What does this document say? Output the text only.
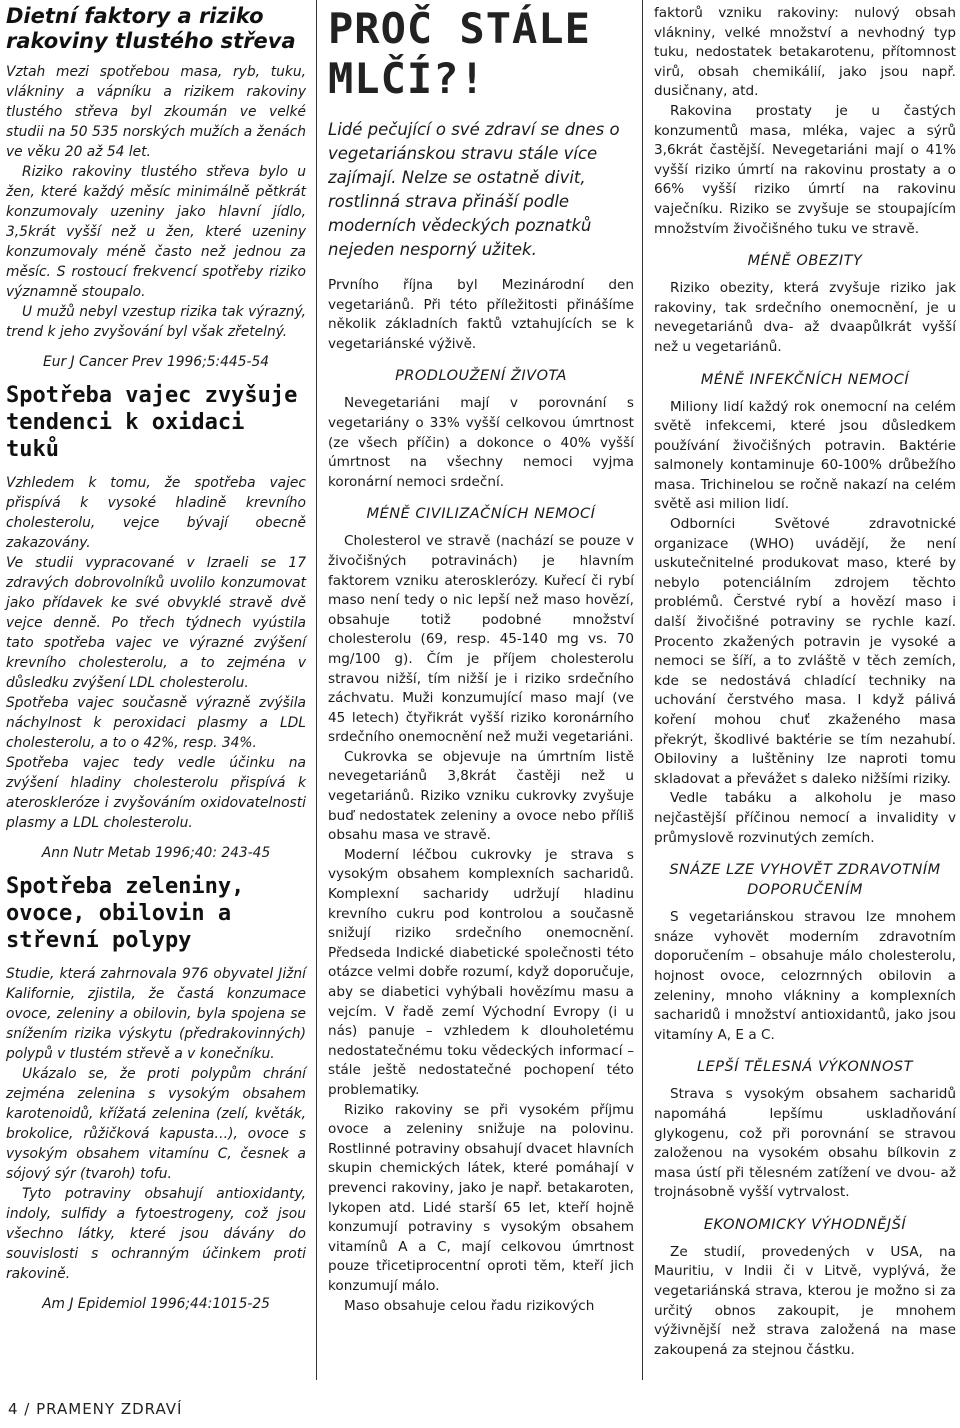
Dietní faktory a riziko rakoviny tlustého střeva

Vztah mezi spotřebou masa, ryb, tuku, vlákniny a vápníku a rizikem rakoviny tlustého střeva byl zkoumán ve velké studii na 50 535 norských mužích a ženách ve věku 20 až 54 let.

Riziko rakoviny tlustého střeva bylo u žen, které každý měsíc minimálně pětkrát konzumovaly uzeniny jako hlavní jídlo, 3,5krát vyšší než u žen, které uzeniny konzumovaly méně často než jednou za měsíc. S rostoucí frekvencí spotřeby riziko významně stoupalo.

U mužů nebyl vzestup rizika tak výrazný, trend k jeho zvyšování byl však zřetelný.

Eur J Cancer Prev 1996;5:445-54

Spotřeba vajec zvyšuje tendenci k oxidaci tuků

Vzhledem k tomu, že spotřeba vajec přispívá k vysoké hladině krevního cholesterolu, vejce bývají obecně zakazovány.

Ve studii vypracované v Izraeli se 17 zdravých dobrovolníků uvolilo konzumovat jako přídavek ke své obvyklé stravě dvě vejce denně. Po třech týdnech vyústila tato spotřeba vajec ve výrazné zvýšení krevního cholesterolu, a to zejména v důsledku zvýšení LDL cholesterolu.

Spotřeba vajec současně výrazně zvýšila náchylnost k peroxidaci plasmy a LDL cholesterolu, a to o 42%, resp. 34%.

Spotřeba vajec tedy vedle účinku na zvýšení hladiny cholesterolu přispívá k ateroskleróze i zvyšováním oxidovatelnosti plasmy a LDL cholesterolu.

Ann Nutr Metab 1996;40: 243-45

Spotřeba zeleniny, ovoce, obilovin a střevní polypy

Studie, která zahrnovala 976 obyvatel Jižní Kalifornie, zjistila, že častá konzumace ovoce, zeleniny a obilovin, byla spojena se snížením rizika výskytu (předrakovinných) polypů v tlustém střevě a v konečníku.

Ukázalo se, že proti polypům chrání zejména zelenina s vysokým obsahem karotenoidů, křížatá zelenina (zelí, květák, brokolice, růžičková kapusta…), ovoce s vysokým obsahem vitamínu C, česnek a sójový sýr (tvaroh) tofu.

Tyto potraviny obsahují antioxidanty, indoly, sulfidy a fytoestrogeny, což jsou všechno látky, které jsou dávány do souvislosti s ochranným účinkem proti rakovině.

Am J Epidemiol 1996;44:1015-25

PROČ STÁLE MLČÍ?!

Lidé pečující o své zdraví se dnes o vegetariánskou stravu stále více zajímají. Nelze se ostatně divit, rostlinná strava přináší podle moderních vědeckých poznatků nejeden nesporný užitek.

Prvního října byl Mezinárodní den vegetariánů. Při této příležitosti přinášíme několik základních faktů vztahujících se k vegetariánské výživě.

PRODLOUŽENÍ ŽIVOTA

Nevegetariáni mají v porovnání s vegetariány o 33% vyšší celkovou úmrtnost (ze všech příčin) a dokonce o 40% vyšší úmrtnost na všechny nemoci vyjma koronární nemoci srdeční.

MÉNĚ CIVILIZAČNÍCH NEMOCÍ

Cholesterol ve stravě (nachází se pouze v živočišných potravinách) je hlavním faktorem vzniku aterosklerózy. Kuřecí či rybí maso není tedy o nic lepší než maso hovězí, obsahuje totiž podobné množství cholesterolu (69, resp. 45-140 mg vs. 70 mg/100 g). Čím je příjem cholesterolu stravou nižší, tím nižší je i riziko srdečního záchvatu. Muži konzumující maso mají (ve 45 letech) čtyřikrát vyšší riziko koronárního srdečního onemocnění než muži vegetariáni.

Cukrovka se objevuje na úmrtním listě nevegetariánů 3,8krát častěji než u vegetariánů. Riziko vzniku cukrovky zvyšuje buď nedostatek zeleniny a ovoce nebo příliš obsahu masa ve stravě.

Moderní léčbou cukrovky je strava s vysokým obsahem komplexních sacharidů. Komplexní sacharidy udržují hladinu krevního cukru pod kontrolou a současně snižují riziko srdečního onemocnění. Předseda Indické diabetické společnosti této otázce velmi dobře rozumí, když doporučuje, aby se diabetici vyhýbali hovězímu masu a vejcím. V řadě zemí Východní Evropy (i u nás) panuje – vzhledem k dlouholetému nedostatečnému toku vědeckých informací – stále ještě nedostatečné pochopení této problematiky.

Riziko rakoviny se při vysokém příjmu ovoce a zeleniny snižuje na polovinu. Rostlinné potraviny obsahují dvacet hlavních skupin chemických látek, které pomáhají v prevenci rakoviny, jako je např. betakaroten, lykopen atd. Lidé starší 65 let, kteří hojně konzumují potraviny s vysokým obsahem vitamínů A a C, mají celkovou úmrtnost pouze třicetiprocentní oproti těm, kteří jich konzumují málo.

Maso obsahuje celou řadu rizikových

faktorů vzniku rakoviny: nulový obsah vlákniny, velké množství a nevhodný typ tuku, nedostatek betakarotenu, přítomnost virů, obsah chemikálií, jako jsou např. dusičnany, atd.

Rakovina prostaty je u častých konzumentů masa, mléka, vajec a sýrů 3,6krát častější. Nevegetariáni mají o 41% vyšší riziko úmrtí na rakovinu prostaty a o 66% vyšší riziko úmrtí na rakovinu vaječníku. Riziko se zvyšuje se stoupajícím množstvím živočišného tuku ve stravě.

MÉNĚ OBEZITY

Riziko obezity, která zvyšuje riziko jak rakoviny, tak srdečního onemocnění, je u nevegetariánů dva- až dvaapůlkrát vyšší než u vegetariánů.

MÉNĚ INFEKČNÍCH NEMOCÍ

Miliony lidí každý rok onemocní na celém světě infekcemi, které jsou důsledkem používání živočišných potravin. Baktérie salmonely kontaminuje 60-100% drůbežího masa. Trichinelou se ročně nakazí na celém světě asi milion lidí.

Odborníci Světové zdravotnické organizace (WHO) uvádějí, že není uskutečnitelné produkovat maso, které by nebylo potenciálním zdrojem těchto problémů. Čerstvé rybí a hovězí maso i další živočišné potraviny se rychle kazí. Procento zkažených potravin je vysoké a nemoci se šíří, a to zvláště v těch zemích, kde se nedostává chladící techniky na uchování čerstvého masa. I když pálivá koření mohou chuť zkaženého masa překrýt, škodlivé baktérie se tím nezahubí. Obiloviny a luštěniny lze naproti tomu skladovat a převážet s daleko nižšími riziky.

Vedle tabáku a alkoholu je maso nejčastější příčinou nemocí a invalidity v průmyslově rozvinutých zemích.

SNÁZE LZE VYHOVĚT ZDRAVOTNÍM DOPORUČENÍM

S vegetariánskou stravou lze mnohem snáze vyhovět moderním zdravotním doporučením – obsahuje málo cholesterolu, hojnost ovoce, celozrnných obilovin a zeleniny, mnoho vlákniny a komplexních sacharidů i množství antioxidantů, jako jsou vitamíny A, E a C.

LEPŠÍ TĚLESNÁ VÝKONNOST

Strava s vysokým obsahem sacharidů napomáhá lepšímu uskladňování glykogenu, což při porovnání se stravou založenou na vysokém obsahu bílkovin z masa ústí při tělesném zatížení ve dvou- až trojnásobně vyšší vytrvalost.

EKONOMICKY VÝHODNĚJŠÍ

Ze studií, provedených v USA, na Mauritiu, v Indii či v Litvě, vyplývá, že vegetariánská strava, kterou je možno si za určitý obnos zakoupit, je mnohem výživnější než strava založená na mase zakoupená za stejnou částku.

4 / PRAMENY ZDRAVÍ
